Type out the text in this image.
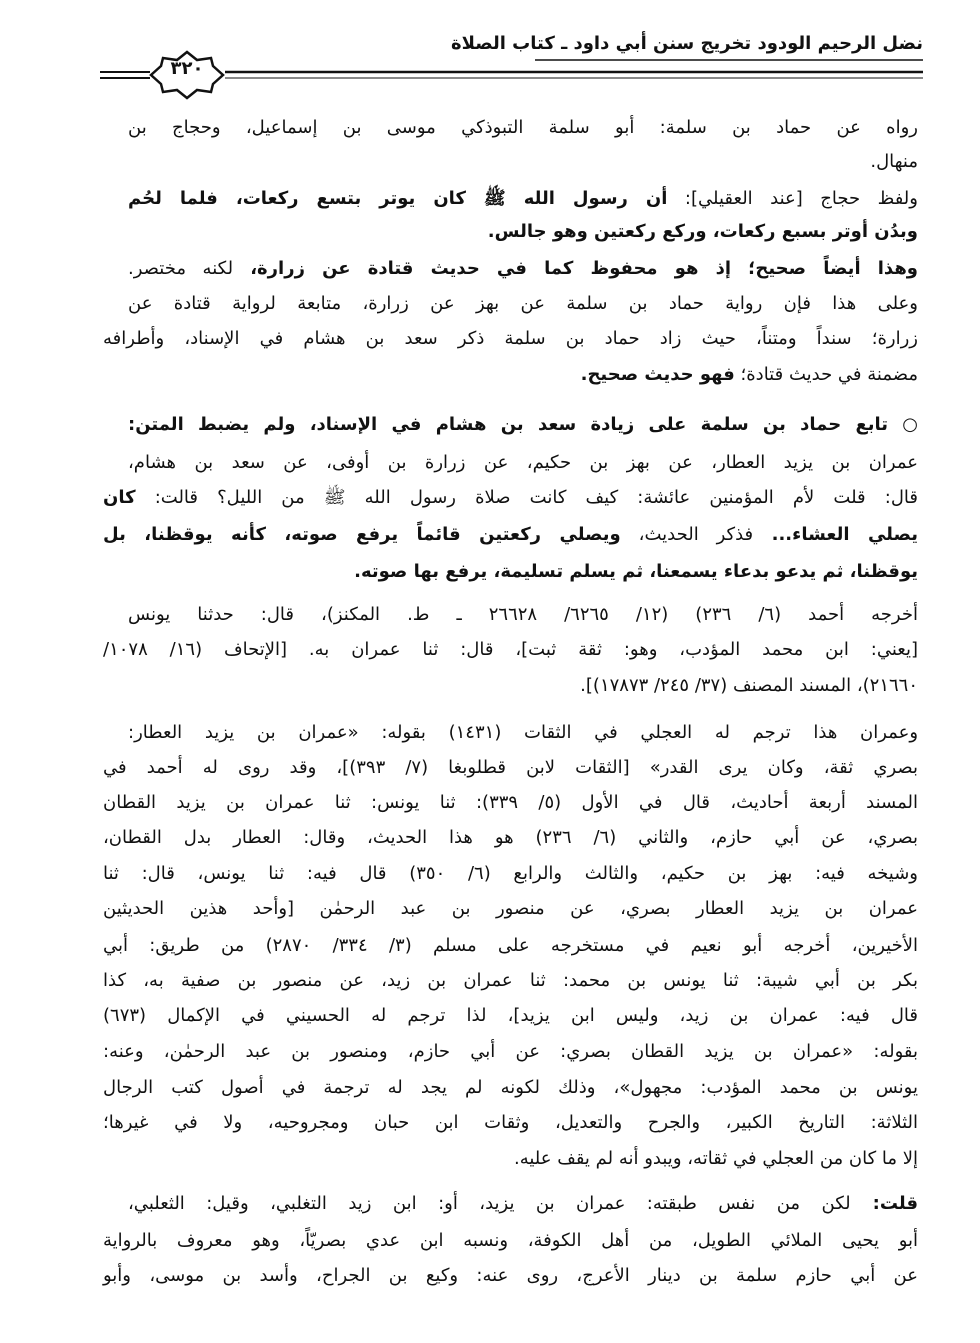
نضل الرحيم الودود تخريج سنن أبي داود ـ كتاب الصلاة
٣٢٠
رواه عن حماد بن سلمة: أبو سلمة التبوذكي موسى بن إسماعيل، وحجاج بن
منهال.
ولفظ حجاج [عند العقيلي]: أن رسول الله ﷺ كان يوتر بتسع ركعات، فلما لحُم
وبدُن أوتر بسبع ركعات، وركع ركعتين وهو جالس.
وهذا أيضاً صحيح؛ إذ هو محفوظ كما في حديث قتادة عن زرارة، لكنه مختصر.
وعلى هذا فإن رواية حماد بن سلمة عن بهز عن زرارة، متابعة لرواية قتادة عن
زرارة؛ سنداً ومتناً، حيث زاد حماد بن سلمة ذكر سعد بن هشام في الإسناد، وأطرافه
مضمنة في حديث قتادة؛ فهو حديث صحيح.
○ تابع حماد بن سلمة على زيادة سعد بن هشام في الإسناد، ولم يضبط المتن:
عمران بن يزيد العطار، عن بهز بن حكيم، عن زرارة بن أوفى، عن سعد بن هشام،
قال: قلت لأم المؤمنين عائشة: كيف كانت صلاة رسول الله ﷺ من الليل؟ قالت: كان
يصلي العشاء... فذكر الحديث، ويصلي ركعتين قائماً يرفع صوته، كأنه يوقظنا، بل
يوقظنا، ثم يدعو بدعاء يسمعنا، ثم يسلم تسليمة، يرفع بها صوته.
أخرجه أحمد (٦/ ٢٣٦) (١٢/ ٦٢٦٥/ ٢٦٦٢٨ ـ ط. المكنز)، قال: حدثنا يونس
[يعني: ابن محمد المؤدب، وهو: ثقة ثبت]، قال: ثنا عمران به. [الإتحاف (١٦/ ١٠٧٨/
٢١٦٦٠)، المسند المصنف (٣٧/ ٢٤٥/ ١٧٨٧٣)].
وعمران هذا ترجم له العجلي في الثقات (١٤٣١) بقوله: «عمران بن يزيد العطار:
بصري ثقة، وكان يرى القدر» [الثقات لابن قطلوبغا (٧/ ٣٩٣)]، وقد روى له أحمد في
المسند أربعة أحاديث، قال في الأول (٥/ ٣٣٩): ثنا يونس: ثنا عمران بن يزيد القطان
بصري، عن أبي حازم، والثاني (٦/ ٢٣٦) هو هذا الحديث، وقال: العطار بدل القطان،
وشيخه فيه: بهز بن حكيم، والثالث والرابع (٦/ ٣٥٠) قال فيه: ثنا يونس، قال: ثنا
عمران بن يزيد العطار بصري، عن منصور بن عبد الرحمٰن [وأحد هذين الحديثين
الأخيرين، أخرجه أبو نعيم في مستخرجه على مسلم (٣/ ٣٣٤/ ٢٨٧٠) من طريق: أبي
بكر بن أبي شيبة: ثنا يونس بن محمد: ثنا عمران بن زيد، عن منصور بن صفية به، كذا
قال فيه: عمران بن زيد، وليس ابن يزيد]، لذا ترجم له الحسيني في الإكمال (٦٧٣)
بقوله: «عمران بن يزيد القطان بصري: عن أبي حازم، ومنصور بن عبد الرحمٰن، وعنه:
يونس بن محمد المؤدب: مجهول»، وذلك لكونه لم يجد له ترجمة في أصول كتب الرجال
الثلاثة: التاريخ الكبير، والجرح والتعديل، وثقات ابن حبان ومجروحيه، ولا في غيرها؛
إلا ما كان من العجلي في ثقاته، ويبدو أنه لم يقف عليه.
قلت: لكن من نفس طبقته: عمران بن يزيد، أو: ابن زيد التغلبي، وقيل: الثعلبي،
أبو يحيى الملائي الطويل، من أهل الكوفة، ونسبه ابن عدي بصريّاً، وهو معروف بالرواية
عن أبي حازم سلمة بن دينار الأعرج، روى عنه: وكيع بن الجراح، وأسد بن موسى، وأبو
